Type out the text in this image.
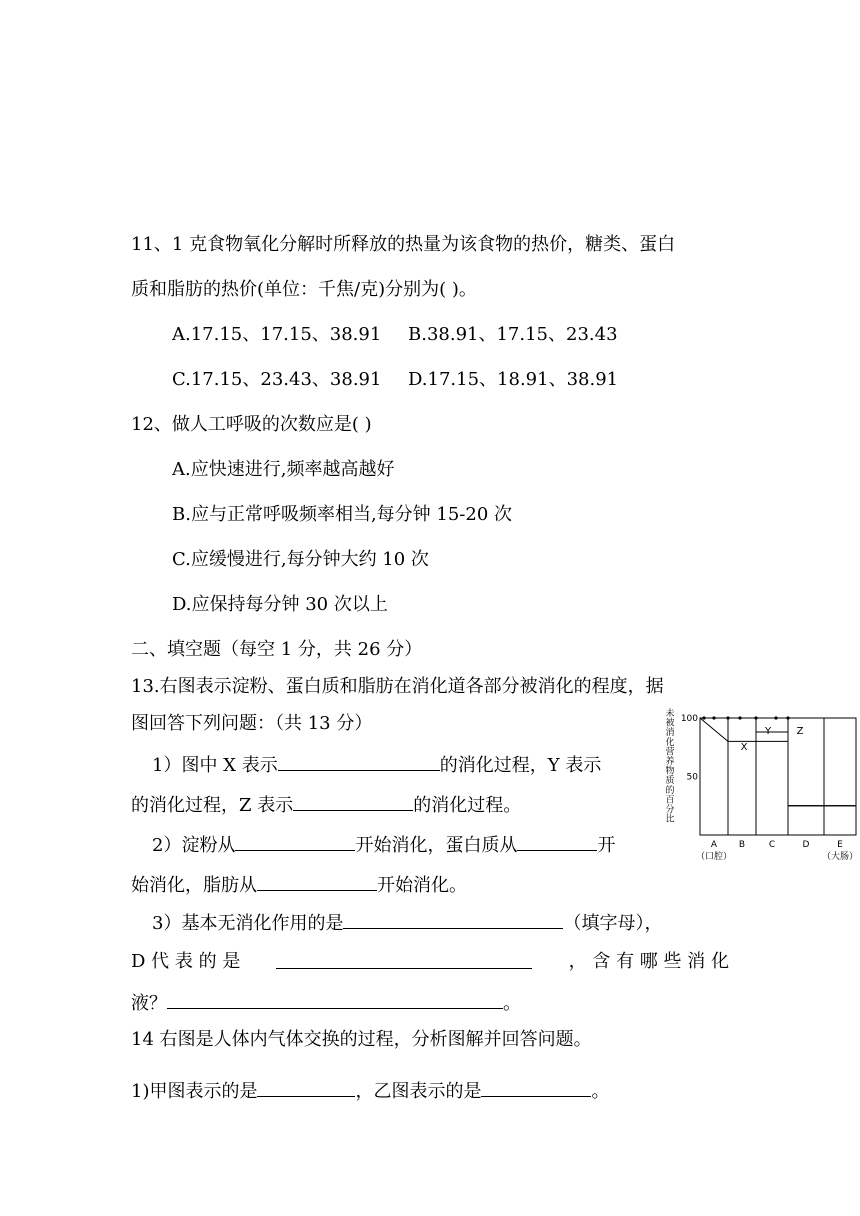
11、1 克食物氧化分解时所释放的热量为该食物的热价，糖类、蛋白
质和脂肪的热价(单位：千焦/克)分别为( )。
A.17.15、17.15、38.91 B.38.91、17.15、23.43
C.17.15、23.43、38.91 D.17.15、18.91、38.91
12、做人工呼吸的次数应是( )
A.应快速进行,频率越高越好
B.应与正常呼吸频率相当,每分钟 15-20 次
C.应缓慢进行,每分钟大约 10 次
D.应保持每分钟 30 次以上
二、填空题（每空 1 分，共 26 分）
13.右图表示淀粉、蛋白质和脂肪在消化道各部分被消化的程度，据
图回答下列问题：（共 13 分）
1）图中 X 表示	的消化过程，Y 表示
的消化过程，Z 表示	的消化过程。
2）淀粉从	开始消化，蛋白质从	开
始消化，脂肪从	开始消化。
3）基本无消化作用的是	（填字母），
D 代 表 的 是	， 含 有 哪 些 消 化
液？	。
14 右图是人体内气体交换的过程，分析图解并回答问题。
1)甲图表示的是	，乙图表示的是	。
未
被
消
化
营
养
物
质
的
百
分
比
100
50
X
Y	Z
A
（口腔）
B	C	D	E
（大肠）
